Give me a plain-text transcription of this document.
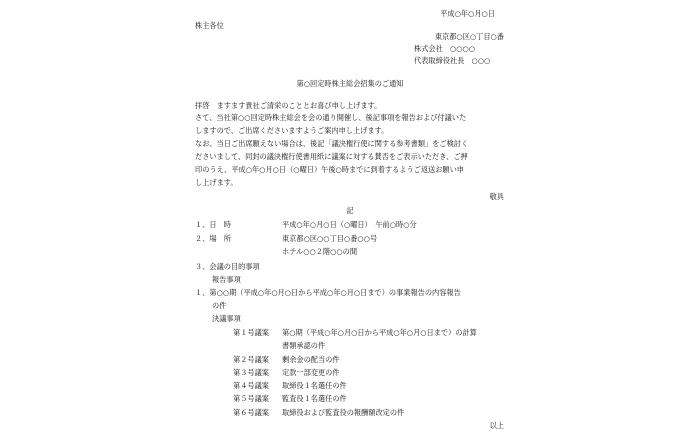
平成○年○月○日
株主各位
東京都○区○丁目○番
株式会社　○○○○
代表取締役社長　○○○
第○回定時株主総会招集のご通知
拝啓　ますます貴社ご清栄のこととお喜び申し上げます。
さて、当社第○○回定時株主総会を会の通り開催し、後記事項を報告および付議いた
しますので、ご出席くださいますようご案内申し上げます。
なお、当日ご出席願えない場合は、後記「議決権行使に関する参考書類」をご検討く
ださいまして、同封の議決権行使書用紙に議案に対する賛否をご表示いただき、ご押
印のうえ、平成○年○月○日（○曜日）午後○時までに到着するようご返送お願い申
し上げます。
敬具
記
１、日　時	平成○年○月○日（○曜日）　午前○時○分
２、場　所	東京都○区○○丁目○番○○号
ホテル○○２階○○の間
３、会議の目的事項
報告事項
１、第○○期（平成○年○月○日から平成○年○月○日まで）の事業報告の内容報告
の件
決議事項
第１号議案 第○期（平成○年○月○日から平成○年○月○日まで）の計算
書類承認の件
第２号議案 剰余金の配当の件
第３号議案 定款一部変更の件
第４号議案 取締役１名選任の件
第５号議案 監査役１名選任の件
第６号議案 取締役および監査役の報酬額改定の件
以上
